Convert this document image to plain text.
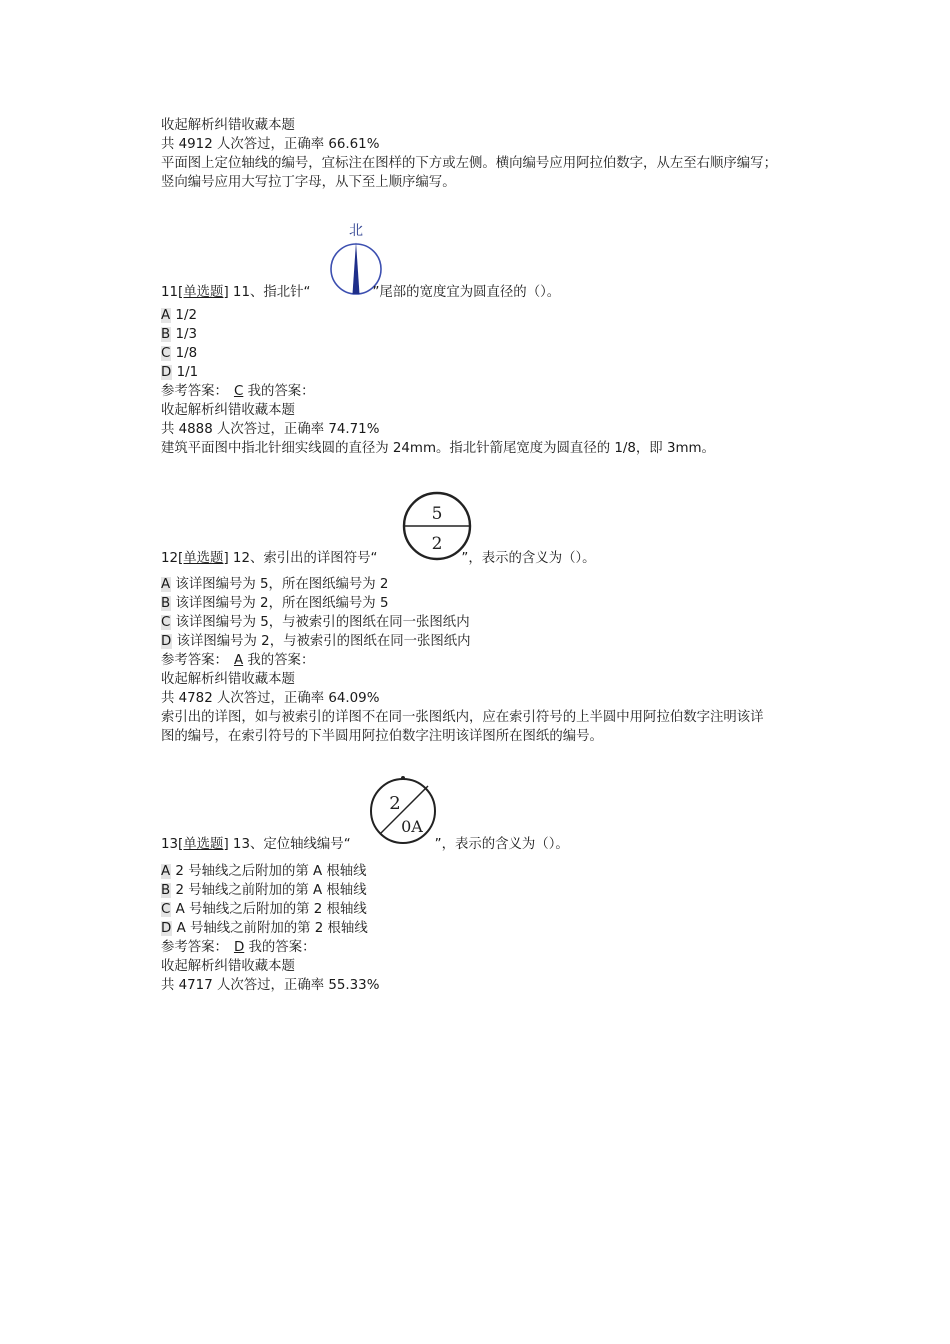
收起解析纠错收藏本题
共 4912 人次答过，正确率 66.61%
平面图上定位轴线的编号，宜标注在图样的下方或左侧。横向编号应用阿拉伯数字，从左至右顺序编写；
竖向编号应用大写拉丁字母，从下至上顺序编写。
北
11[单选题] 11、指北针“	”尾部的宽度宜为圆直径的（）。
A 1/2
B 1/3
C 1/8
D 1/1
参考答案： C 我的答案：
收起解析纠错收藏本题
共 4888 人次答过，正确率 74.71%
建筑平面图中指北针细实线圆的直径为 24mm。指北针箭尾宽度为圆直径的 1/8，即 3mm。
5
2
12[单选题] 12、索引出的详图符号“	”，表示的含义为（）。
A 该详图编号为 5，所在图纸编号为 2
B 该详图编号为 2，所在图纸编号为 5
C 该详图编号为 5，与被索引的图纸在同一张图纸内
D 该详图编号为 2，与被索引的图纸在同一张图纸内
参考答案： A 我的答案：
收起解析纠错收藏本题
共 4782 人次答过，正确率 64.09%
索引出的详图，如与被索引的详图不在同一张图纸内，应在索引符号的上半圆中用阿拉伯数字注明该详
图的编号，在索引符号的下半圆用阿拉伯数字注明该详图所在图纸的编号。
2
0A
13[单选题] 13、定位轴线编号“	”，表示的含义为（）。
A 2 号轴线之后附加的第 A 根轴线
B 2 号轴线之前附加的第 A 根轴线
C A 号轴线之后附加的第 2 根轴线
D A 号轴线之前附加的第 2 根轴线
参考答案： D 我的答案：
收起解析纠错收藏本题
共 4717 人次答过，正确率 55.33%
